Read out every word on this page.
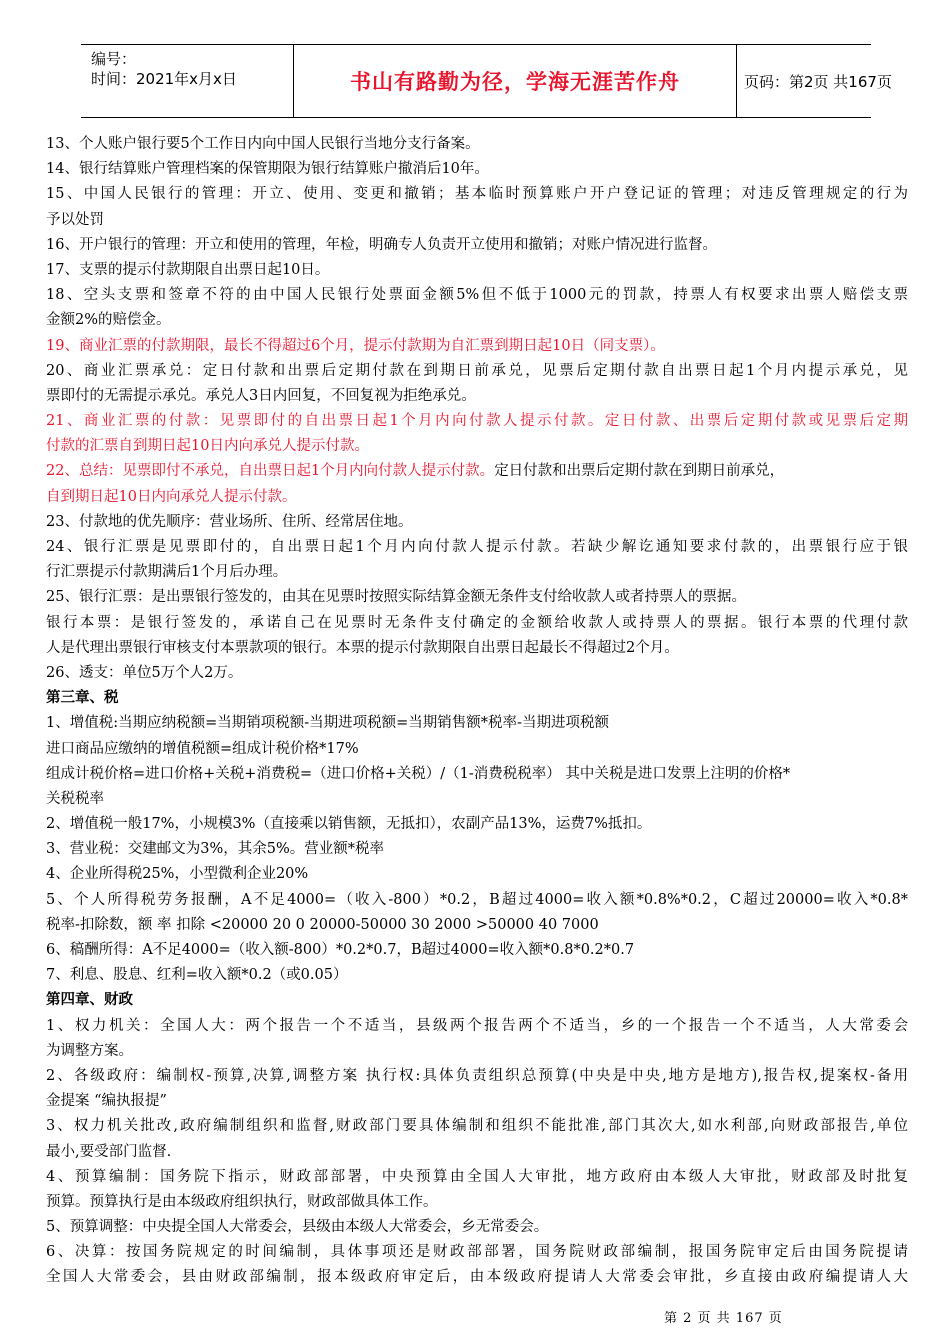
编号：
时间：2021年x月x日	书山有路勤为径，学海无涯苦作舟	页码：第2页 共167页
13、个人账户银行要5个工作日内向中国人民银行当地分支行备案。
14、银行结算账户管理档案的保管期限为银行结算账户撤消后10年。
15、中国人民银行的管理：开立、使用、变更和撤销；基本临时预算账户开户登记证的管理；对违反管理规定的行为
予以处罚
16、开户银行的管理：开立和使用的管理，年检，明确专人负责开立使用和撤销；对账户情况进行监督。
17、支票的提示付款期限自出票日起10日。
18、空头支票和签章不符的由中国人民银行处票面金额5%但不低于1000元的罚款，持票人有权要求出票人赔偿支票
金额2%的赔偿金。
19、商业汇票的付款期限，最长不得超过6个月，提示付款期为自汇票到期日起10日（同支票）。
20、商业汇票承兑：定日付款和出票后定期付款在到期日前承兑，见票后定期付款自出票日起1个月内提示承兑，见
票即付的无需提示承兑。承兑人3日内回复，不回复视为拒绝承兑。
21、商业汇票的付款：见票即付的自出票日起1个月内向付款人提示付款。定日付款、出票后定期付款或见票后定期
付款的汇票自到期日起10日内向承兑人提示付款。
22、总结：见票即付不承兑，自出票日起1个月内向付款人提示付款。定日付款和出票后定期付款在到期日前承兑，
自到期日起10日内向承兑人提示付款。
23、付款地的优先顺序：营业场所、住所、经常居住地。
24、银行汇票是见票即付的，自出票日起1个月内向付款人提示付款。若缺少解讫通知要求付款的，出票银行应于银
行汇票提示付款期满后1个月后办理。
25、银行汇票：是出票银行签发的，由其在见票时按照实际结算金额无条件支付给收款人或者持票人的票据。
银行本票：是银行签发的，承诺自己在见票时无条件支付确定的金额给收款人或持票人的票据。银行本票的代理付款
人是代理出票银行审核支付本票款项的银行。本票的提示付款期限自出票日起最长不得超过2个月。
26、透支：单位5万个人2万。
第三章、税
1、增值税:当期应纳税额=当期销项税额-当期进项税额=当期销售额*税率-当期进项税额
进口商品应缴纳的增值税额=组成计税价格*17%
组成计税价格=进口价格+关税+消费税=（进口价格+关税）/（1-消费税税率） 其中关税是进口发票上注明的价格*
关税税率
2、增值税一般17%，小规模3%（直接乘以销售额，无抵扣），农副产品13%，运费7%抵扣。
3、营业税：交建邮文为3%，其余5%。营业额*税率
4、企业所得税25%，小型微利企业20%
5、个人所得税劳务报酬，A不足4000=（收入-800）*0.2，B超过4000=收入额*0.8%*0.2，C超过20000=收入*0.8*
税率-扣除数，额 率 扣除 <20000 20 0 20000-50000 30 2000 >50000 40 7000
6、稿酬所得：A不足4000=（收入额-800）*0.2*0.7，B超过4000=收入额*0.8*0.2*0.7
7、利息、股息、红利=收入额*0.2（或0.05）
第四章、财政
1、权力机关：全国人大：两个报告一个不适当，县级两个报告两个不适当，乡的一个报告一个不适当，人大常委会
为调整方案。
2、各级政府：编制权-预算,决算,调整方案 执行权:具体负责组织总预算(中央是中央,地方是地方),报告权,提案权-备用
金提案 “编执报提”
3、权力机关批改,政府编制组织和监督,财政部门要具体编制和组织不能批准,部门其次大,如水利部,向财政部报告,单位
最小,要受部门监督.
4、预算编制：国务院下指示，财政部部署，中央预算由全国人大审批，地方政府由本级人大审批，财政部及时批复
预算。预算执行是由本级政府组织执行，财政部做具体工作。
5、预算调整：中央提全国人大常委会，县级由本级人大常委会，乡无常委会。
6、决算：按国务院规定的时间编制，具体事项还是财政部部署，国务院财政部编制，报国务院审定后由国务院提请
全国人大常委会，县由财政部编制，报本级政府审定后，由本级政府提请人大常委会审批，乡直接由政府编提请人大
第 2 页 共 167 页
